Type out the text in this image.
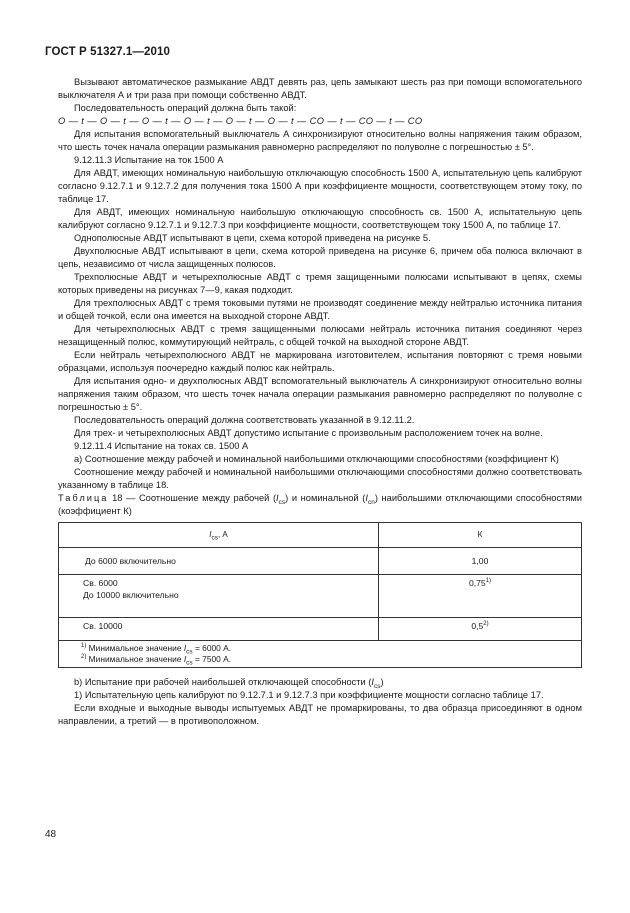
ГОСТ Р 51327.1—2010

Вызывают автоматическое размыкание АВДТ девять раз, цепь замыкают шесть раз при помощи вспомогательного выключателя А и три раза при помощи собственно АВДТ.

Последовательность операций должна быть такой:

O — t — O — t — O — t — O — t — O — t — O — t — CO — t — CO — t — CO

Для испытания вспомогательный выключатель А синхронизируют относительно волны напряжения таким образом, что шесть точек начала операции размыкания равномерно распределяют по полуволне с погрешностью ± 5°.

9.12.11.3 Испытание на ток 1500 А

Для АВДТ, имеющих номинальную наибольшую отключающую способность 1500 А, испытательную цепь калибруют согласно 9.12.7.1 и 9.12.7.2 для получения тока 1500 А при коэффициенте мощности, соответствующем этому току, по таблице 17.

Для АВДТ, имеющих номинальную наибольшую отключающую способность св. 1500 А, испытательную цепь калибруют согласно 9.12.7.1 и 9.12.7.3 при коэффициенте мощности, соответствующем току 1500 А, по таблице 17.

Однополюсные АВДТ испытывают в цепи, схема которой приведена на рисунке 5.

Двухполюсные АВДТ испытывают в цепи, схема которой приведена на рисунке 6, причем оба полюса включают в цепь, независимо от числа защищенных полюсов.

Трехполюсные АВДТ и четырехполюсные АВДТ с тремя защищенными полюсами испытывают в цепях, схемы которых приведены на рисунках 7—9, какая подходит.

Для трехполюсных АВДТ с тремя токовыми путями не производят соединение между нейтралью источника питания и общей точкой, если она имеется на выходной стороне АВДТ.

Для четырехполюсных АВДТ с тремя защищенными полюсами нейтраль источника питания соединяют через незащищенный полюс, коммутирующий нейтраль, с общей точкой на выходной стороне АВДТ.

Если нейтраль четырехполюсного АВДТ не маркирована изготовителем, испытания повторяют с тремя новыми образцами, используя поочередно каждый полюс как нейтраль.

Для испытания одно- и двухполюсных АВДТ вспомогательный выключатель А синхронизируют относительно волны напряжения таким образом, что шесть точек начала операции размыкания равномерно распределяют по полуволне с погрешностью ± 5°.

Последовательность операций должна соответствовать указанной в 9.12.11.2.

Для трех- и четырехполюсных АВДТ допустимо испытание с произвольным расположением точек на волне.

9.12.11.4 Испытание на токах св. 1500 А

а) Соотношение между рабочей и номинальной наибольшими отключающими способностями (коэффициент К)

Соотношение между рабочей и номинальной наибольшими отключающими способностями должно соответствовать указанному в таблице 18.

Таблица 18 — Соотношение между рабочей $(I_{cs})$ и номинальной $(I_{cn})$ наибольшими отключающими способностями (коэффициент К)

$I_{cs}$, А	К
До 6000 включительно	1,00

Св. 6000
До 10000 включительно	0,75$^{1)}$
Св. 10000	0,5$^{2)}$

$^{1)}$ Минимальное значение $I_{cs} = 6000$ А.
$^{2)}$ Минимальное значение $I_{cs} = 7500$ А.	

b) Испытание при рабочей наибольшей отключающей способности $(I_{cs})$

1) Испытательную цепь калибруют по 9.12.7.1 и 9.12.7.3 при коэффициенте мощности согласно таблице 17.

Если входные и выходные выводы испытуемых АВДТ не промаркированы, то два образца присоединяют в одном направлении, а третий — в противоположном.

48
